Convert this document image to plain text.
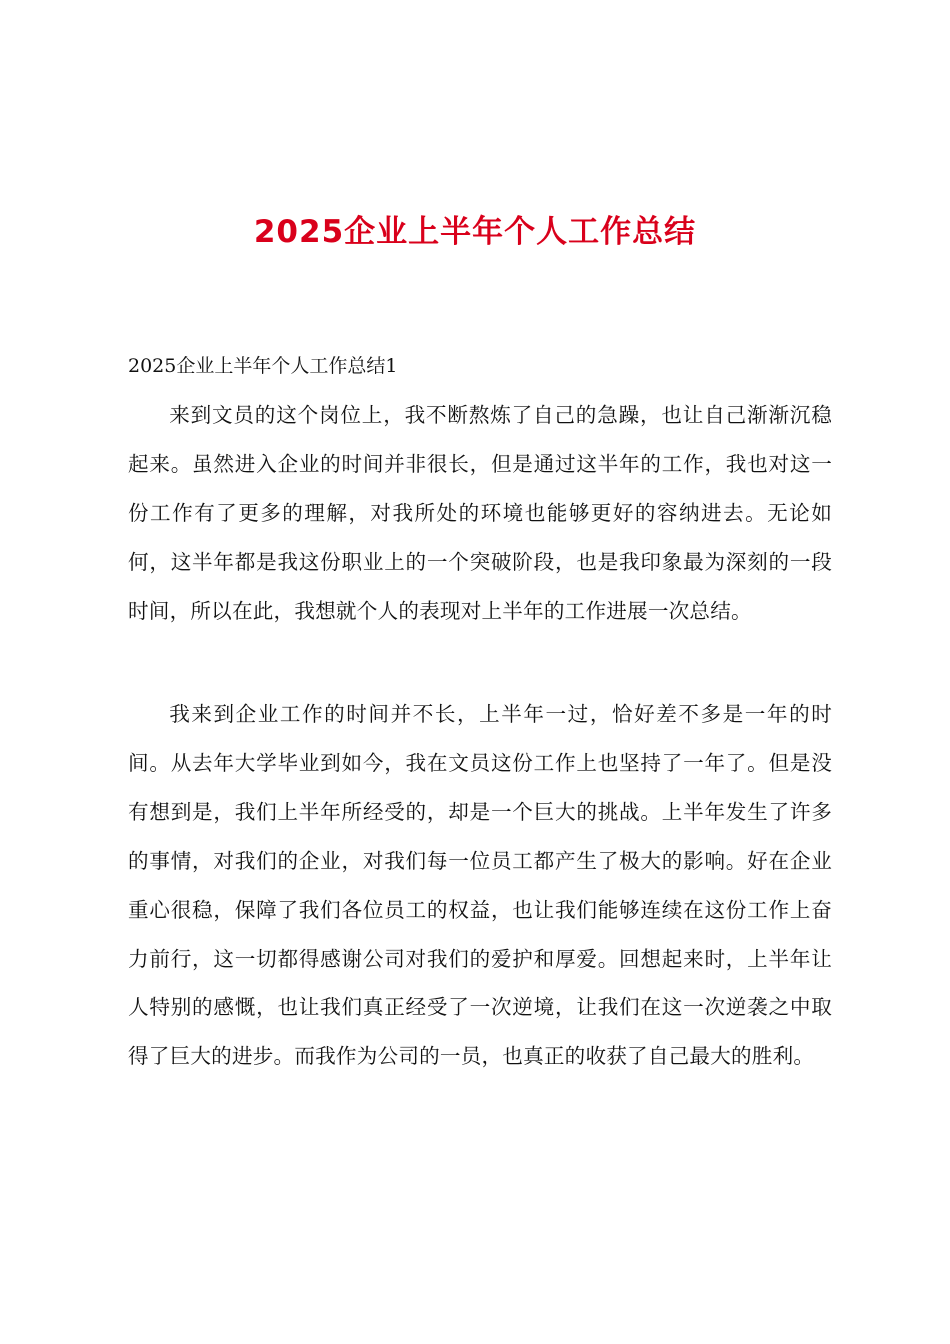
2025企业上半年个人工作总结
2025企业上半年个人工作总结1

来到文员的这个岗位上，我不断熬炼了自己的急躁，也让自己渐渐沉稳起来。虽然进入企业的时间并非很长，但是通过这半年的工作，我也对这一份工作有了更多的理解，对我所处的环境也能够更好的容纳进去。无论如何，这半年都是我这份职业上的一个突破阶段，也是我印象最为深刻的一段时间，所以在此，我想就个人的表现对上半年的工作进展一次总结。

我来到企业工作的时间并不长，上半年一过，恰好差不多是一年的时间。从去年大学毕业到如今，我在文员这份工作上也坚持了一年了。但是没有想到是，我们上半年所经受的，却是一个巨大的挑战。上半年发生了许多的事情，对我们的企业，对我们每一位员工都产生了极大的影响。好在企业重心很稳，保障了我们各位员工的权益，也让我们能够连续在这份工作上奋力前行，这一切都得感谢公司对我们的爱护和厚爱。回想起来时，上半年让人特别的感慨，也让我们真正经受了一次逆境，让我们在这一次逆袭之中取得了巨大的进步。而我作为公司的一员，也真正的收获了自己最大的胜利。
